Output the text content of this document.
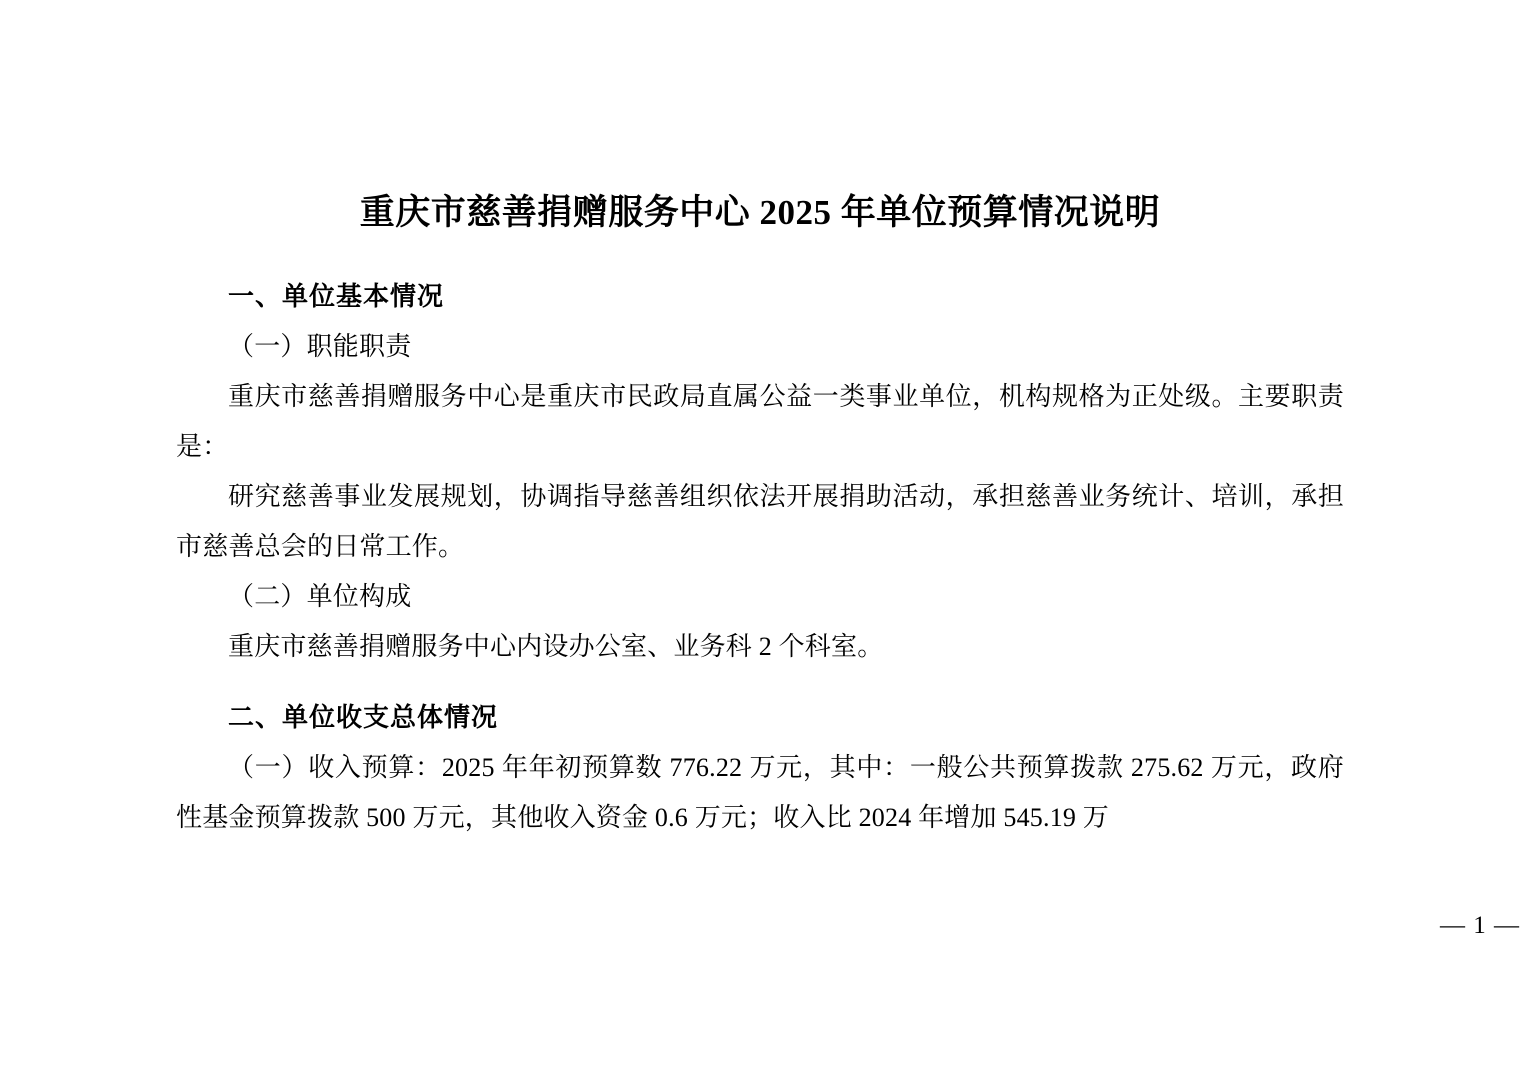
重庆市慈善捐赠服务中心 2025 年单位预算情况说明
一、单位基本情况

（一）职能职责

重庆市慈善捐赠服务中心是重庆市民政局直属公益一类事业单位，机构规格为正处级。主要职责是：

研究慈善事业发展规划，协调指导慈善组织依法开展捐助活动，承担慈善业务统计、培训，承担市慈善总会的日常工作。

（二）单位构成

重庆市慈善捐赠服务中心内设办公室、业务科 2 个科室。

二、单位收支总体情况

（一）收入预算：2025 年年初预算数 776.22 万元，其中：一般公共预算拨款 275.62 万元，政府性基金预算拨款 500 万元，其他收入资金 0.6 万元；收入比 2024 年增加 545.19 万

— 1 —
